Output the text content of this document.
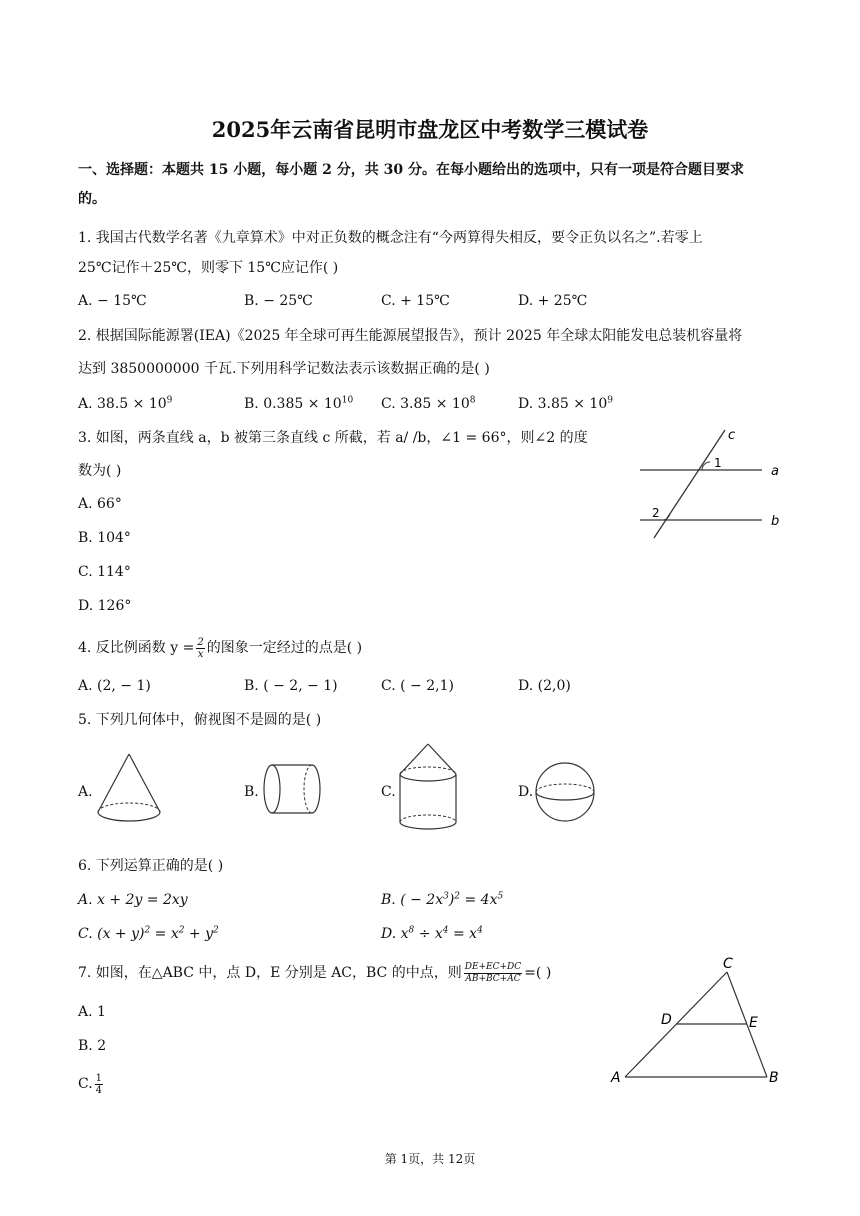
2025年云南省昆明市盘龙区中考数学三模试卷
一、选择题：本题共 15 小题，每小题 2 分，共 30 分。在每小题给出的选项中，只有一项是符合题目要求
的。
1. 我国古代数学名著《九章算术》中对正负数的概念注有“今两算得失相反，要令正负以名之”.若零上
25℃记作＋25℃，则零下 15℃应记作( )
A. − 15℃	B. − 25℃	C. + 15℃	D. + 25℃
2. 根据国际能源署(IEA)《2025 年全球可再生能源展望报告》，预计 2025 年全球太阳能发电总装机容量将
达到 3850000000 千瓦.下列用科学记数法表示该数据正确的是( )
A. $38.5 \times 10^9$	B. $0.385 \times 10^{10}$ C. $3.85 \times 10^8$	D. $3.85 \times 10^9$
3. 如图，两条直线 a，b 被第三条直线 c 所截，若 a/ /b，∠1 = 66°，则∠2 的度
数为( )
A. 66°
B. 104°
C. 114°
D. 126°
c
a
b
1
2
4. 反比例函数 $y = \frac{2}{x}$ 的图象一定经过的点是( )
A. (2, − 1)	B. ( − 2, − 1)	C. ( − 2,1)	D. (2,0)
5. 下列几何体中，俯视图不是圆的是( )
A.	B.	C.	D.
6. 下列运算正确的是( )
A. x + 2y = 2xy	B. ( − $2x^3)^2 = 4x^5$
C. $(x + y)^2 = x^2 + y^2$	D. $x^8 \div x^4 = x^4$
7. 如图，在△ABC 中，点 D，E 分别是 AC，BC 的中点，则 $\frac{DE+EC+DC}{AB+BC+AC}$ =( )
A. 1
B. 2
C. $\frac{1}{4}$	A	B
C
D	E
第 1页，共 12页
